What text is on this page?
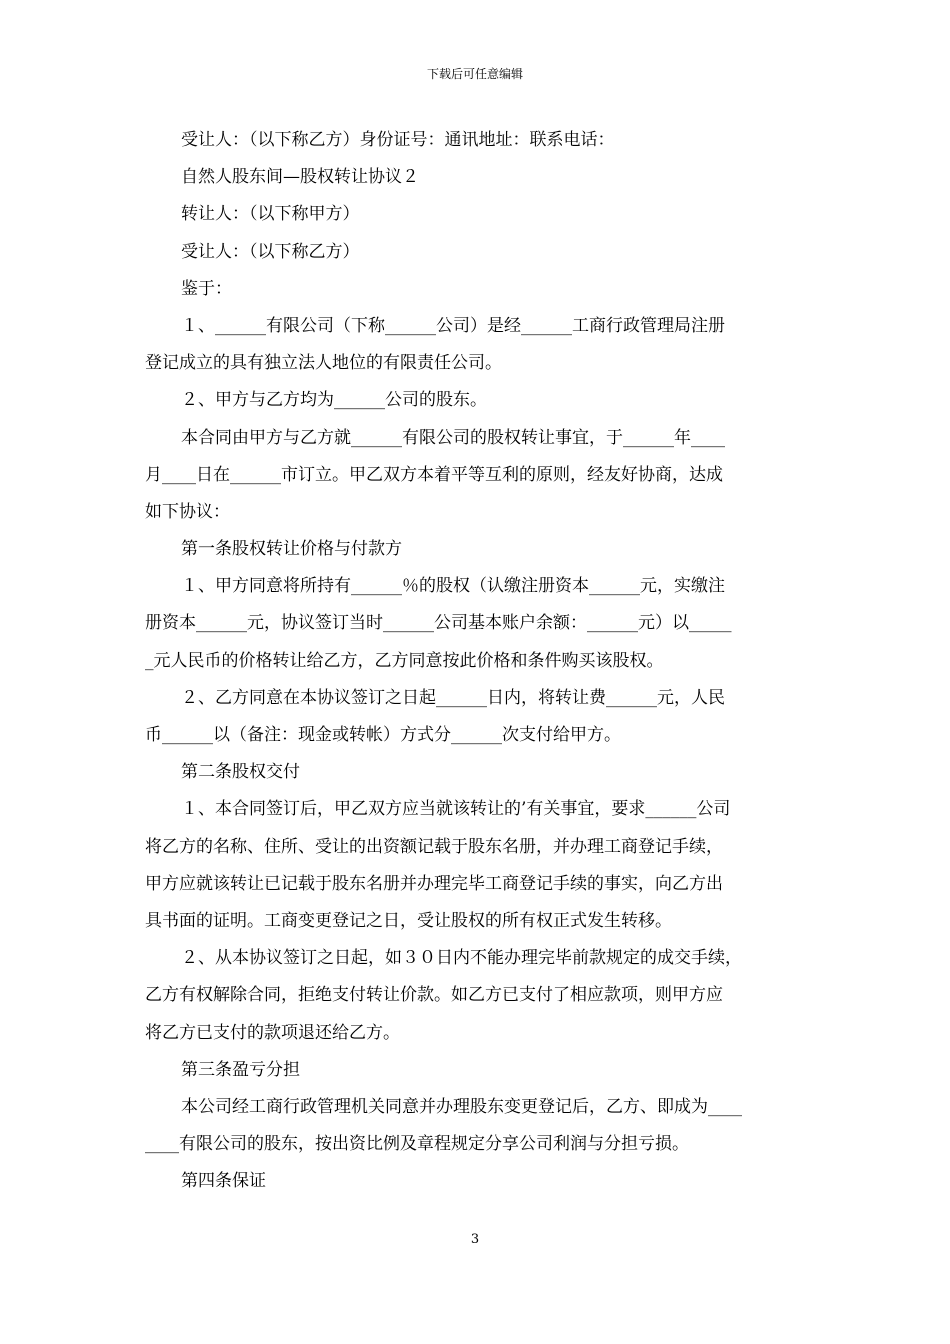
下载后可任意编辑
受让人：（以下称乙方）身份证号：通讯地址：联系电话：
自然人股东间—股权转让协议２
转让人：（以下称甲方）
受让人：（以下称乙方）
鉴于：
１、______有限公司（下称______公司）是经______工商行政管理局注册
登记成立的具有独立法人地位的有限责任公司。
２、甲方与乙方均为______公司的股东。
本合同由甲方与乙方就______有限公司的股权转让事宜，于______年____
月____日在______市订立。甲乙双方本着平等互利的原则，经友好协商，达成
如下协议：
第一条股权转让价格与付款方
１、甲方同意将所持有______％的股权（认缴注册资本______元，实缴注
册资本______元，协议签订当时______公司基本账户余额：______元）以_____
_元人民币的价格转让给乙方，乙方同意按此价格和条件购买该股权。
２、乙方同意在本协议签订之日起______日内，将转让费______元，人民
币______以（备注：现金或转帐）方式分______次支付给甲方。
第二条股权交付
１、本合同签订后，甲乙双方应当就该转让的’有关事宜，要求______公司
将乙方的名称、住所、受让的出资额记载于股东名册，并办理工商登记手续，
甲方应就该转让已记载于股东名册并办理完毕工商登记手续的事实，向乙方出
具书面的证明。工商变更登记之日，受让股权的所有权正式发生转移。
２、从本协议签订之日起，如３０日内不能办理完毕前款规定的成交手续，
乙方有权解除合同，拒绝支付转让价款。如乙方已支付了相应款项，则甲方应
将乙方已支付的款项退还给乙方。
第三条盈亏分担
本公司经工商行政管理机关同意并办理股东变更登记后，乙方、即成为____
____有限公司的股东，按出资比例及章程规定分享公司利润与分担亏损。
第四条保证
3
